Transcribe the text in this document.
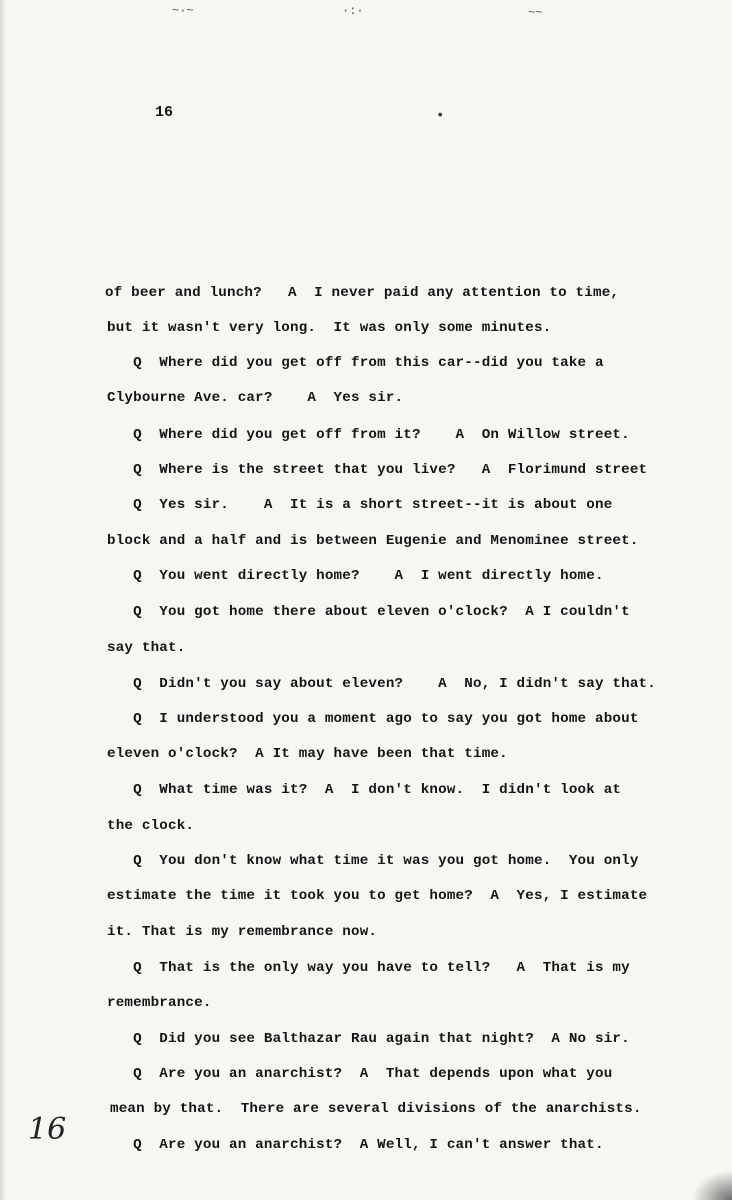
~·~	·:·	~~
16	•
of beer and lunch?   A  I never paid any attention to time,
but it wasn't very long.  It was only some minutes.
Q  Where did you get off from this car--did you take a
Clybourne Ave. car?    A  Yes sir.
Q  Where did you get off from it?    A  On Willow street.
Q  Where is the street that you live?   A  Florimund street
Q  Yes sir.    A  It is a short street--it is about one
block and a half and is between Eugenie and Menominee street.
Q  You went directly home?    A  I went directly home.
Q  You got home there about eleven o'clock?  A I couldn't
say that.
Q  Didn't you say about eleven?    A  No, I didn't say that.
Q  I understood you a moment ago to say you got home about
eleven o'clock?  A It may have been that time.
Q  What time was it?  A  I don't know.  I didn't look at
the clock.
Q  You don't know what time it was you got home.  You only
estimate the time it took you to get home?  A  Yes, I estimate
it. That is my remembrance now.
Q  That is the only way you have to tell?   A  That is my
remembrance.
Q  Did you see Balthazar Rau again that night?  A No sir.
Q  Are you an anarchist?  A  That depends upon what you
mean by that.  There are several divisions of the anarchists.
Q  Are you an anarchist?  A Well, I can't answer that.
16
